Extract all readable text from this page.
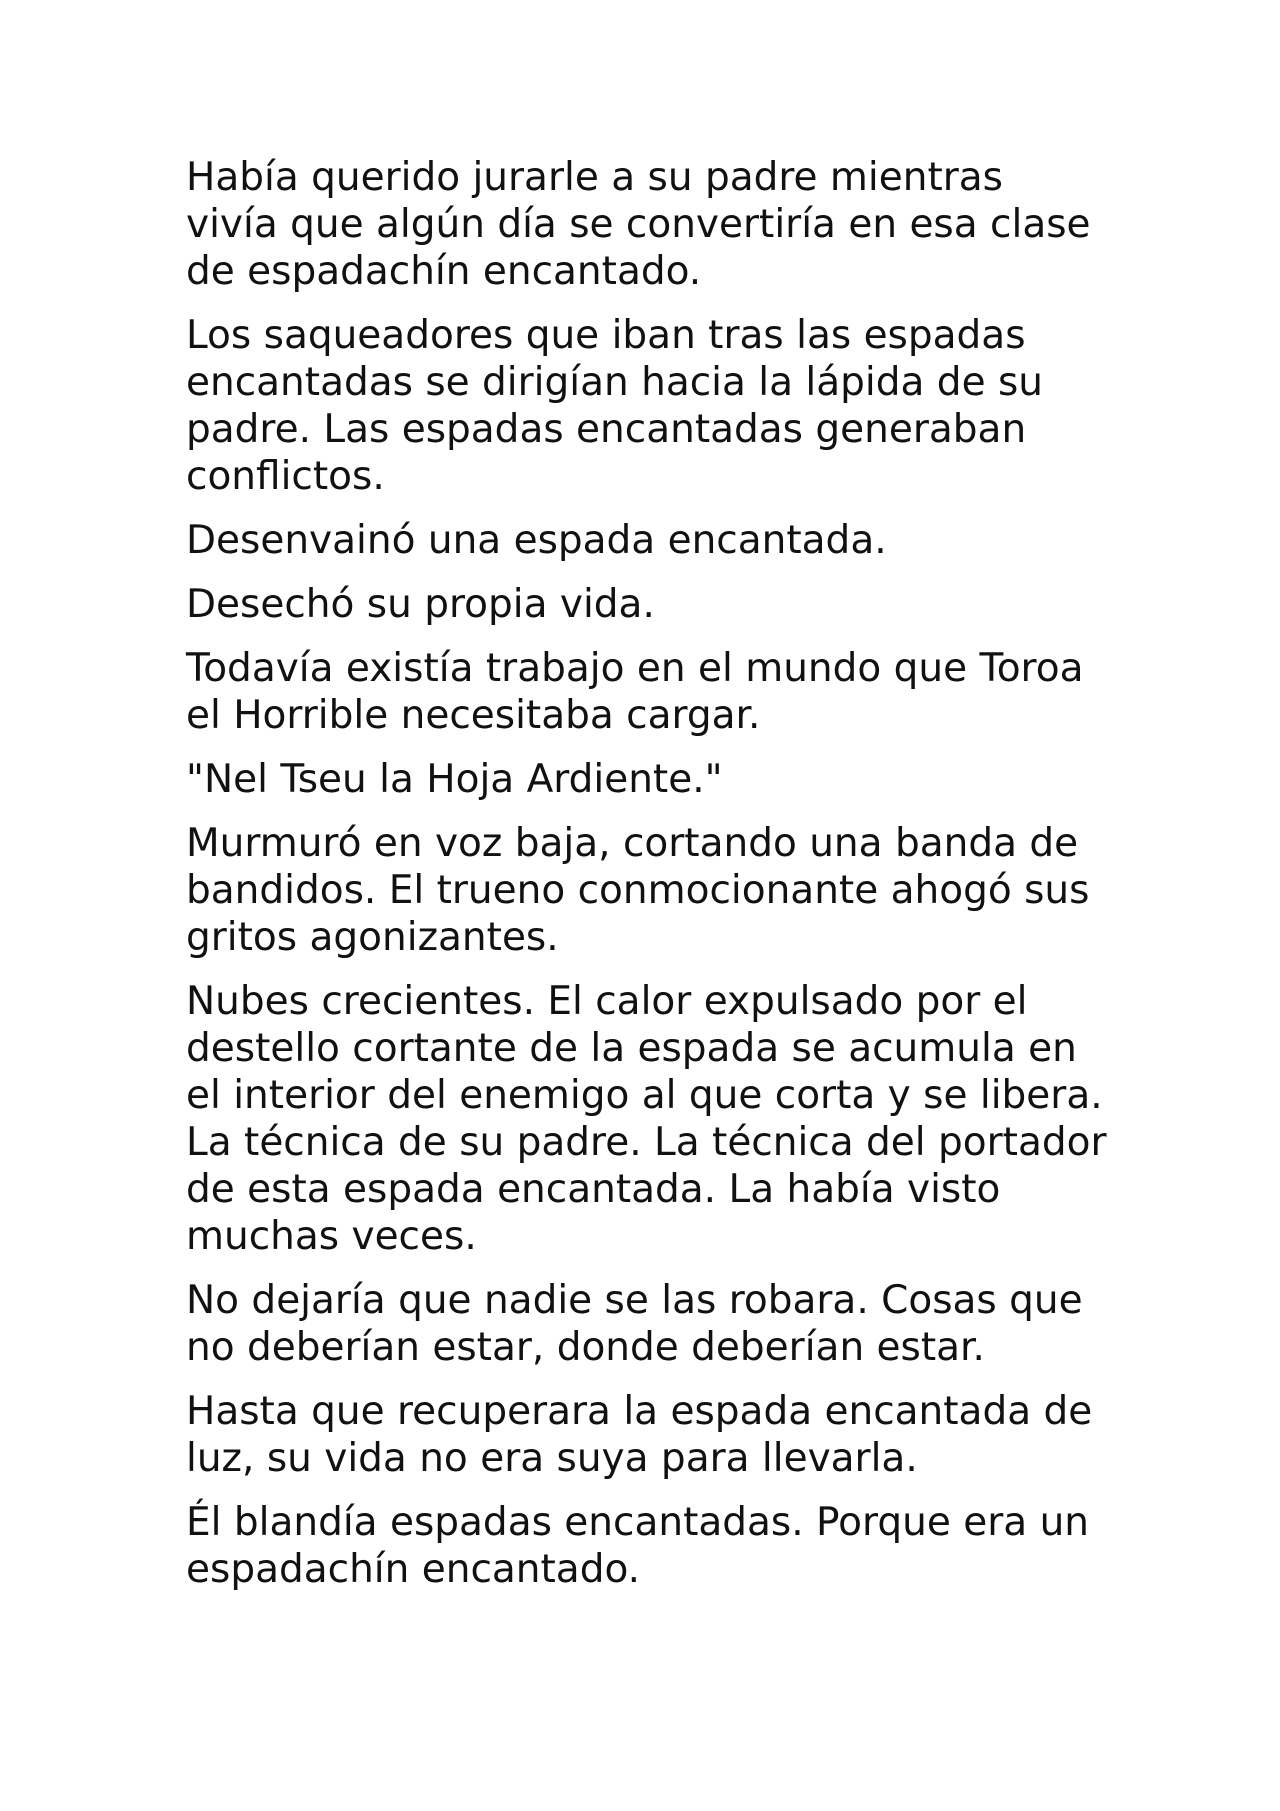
Había querido jurarle a su padre mientras
vivía que algún día se convertiría en esa clase
de espadachín encantado.

Los saqueadores que iban tras las espadas
encantadas se dirigían hacia la lápida de su
padre. Las espadas encantadas generaban
conflictos.

Desenvainó una espada encantada.

Desechó su propia vida.

Todavía existía trabajo en el mundo que Toroa
el Horrible necesitaba cargar.

"Nel Tseu la Hoja Ardiente."

Murmuró en voz baja, cortando una banda de
bandidos. El trueno conmocionante ahogó sus
gritos agonizantes.

Nubes crecientes. El calor expulsado por el
destello cortante de la espada se acumula en
el interior del enemigo al que corta y se libera.
La técnica de su padre. La técnica del portador
de esta espada encantada. La había visto
muchas veces.

No dejaría que nadie se las robara. Cosas que
no deberían estar, donde deberían estar.

Hasta que recuperara la espada encantada de
luz, su vida no era suya para llevarla.

Él blandía espadas encantadas. Porque era un
espadachín encantado.
